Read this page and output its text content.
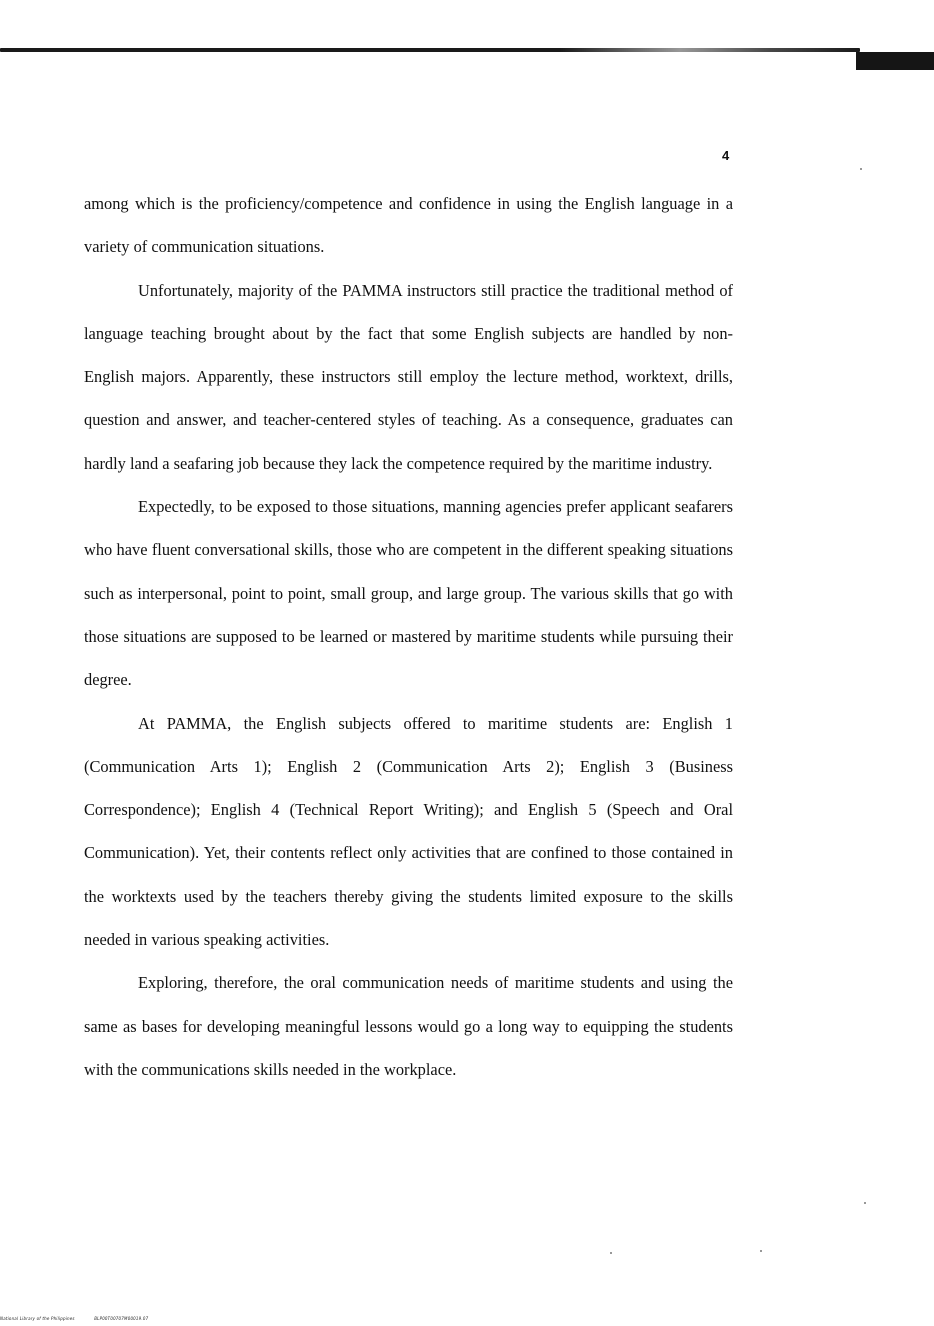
4

among which is the proficiency/competence and confidence in using the English language in a variety of communication situations.

Unfortunately, majority of the PAMMA instructors still practice the traditional method of language teaching brought about by the fact that some English subjects are handled by non-English majors. Apparently, these instructors still employ the lecture method, worktext, drills, question and answer, and teacher-centered styles of teaching. As a consequence, graduates can hardly land a seafaring job because they lack the competence required by the maritime industry.

Expectedly, to be exposed to those situations, manning agencies prefer applicant seafarers who have fluent conversational skills, those who are competent in the different speaking situations such as interpersonal, point to point, small group, and large group. The various skills that go with those situations are supposed to be learned or mastered by maritime students while pursuing their degree.

At PAMMA, the English subjects offered to maritime students are: English 1 (Communication Arts 1); English 2 (Communication Arts 2); English 3 (Business Correspondence); English 4 (Technical Report Writing); and English 5 (Speech and Oral Communication). Yet, their contents reflect only activities that are confined to those contained in the worktexts used by the teachers thereby giving the students limited exposure to the skills needed in various speaking activities.

Exploring, therefore, the oral communication needs of maritime students and using the same as bases for developing meaningful lessons would go a long way to equipping the students with the communications skills needed in the workplace.

National Library of the Philippines	BLP00T00707M00019.07
